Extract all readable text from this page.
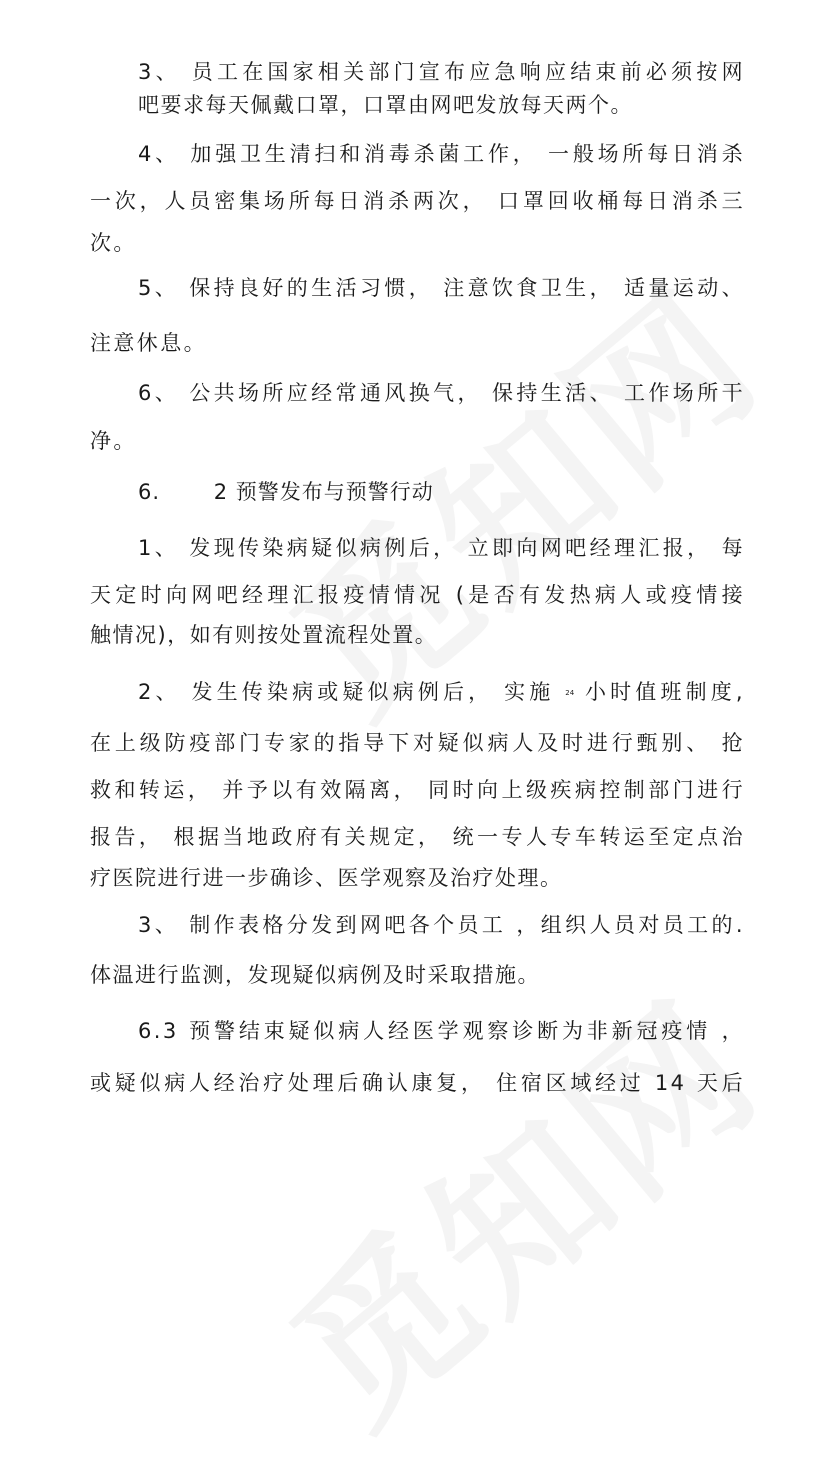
3、 员工在国家相关部门宣布应急响应结束前必须按网
吧要求每天佩戴口罩，口罩由网吧发放每天两个。
4、 加强卫生清扫和消毒杀菌工作， 一般场所每日消杀
一次，人员密集场所每日消杀两次， 口罩回收桶每日消杀三
次。
5、 保持良好的生活习惯， 注意饮食卫生， 适量运动、
注意休息。
6、 公共场所应经常通风换气， 保持生活、 工作场所干
净。
6.       2 预警发布与预警行动
1、 发现传染病疑似病例后， 立即向网吧经理汇报， 每
天定时向网吧经理汇报疫情情况 (是否有发热病人或疫情接
触情况)，如有则按处置流程处置。
2、 发生传染病或疑似病例后， 实施 24 小时值班制度,
在上级防疫部门专家的指导下对疑似病人及时进行甄别、 抢
救和转运， 并予以有效隔离， 同时向上级疾病控制部门进行
报告， 根据当地政府有关规定， 统一专人专车转运至定点治
疗医院进行进一步确诊、医学观察及治疗处理。
3、 制作表格分发到网吧各个员工 ，组织人员对员工的.
体温进行监测，发现疑似病例及时采取措施。
6.3 预警结束疑似病人经医学观察诊断为非新冠疫情 ，
或疑似病人经治疗处理后确认康复， 住宿区域经过 14 天后
